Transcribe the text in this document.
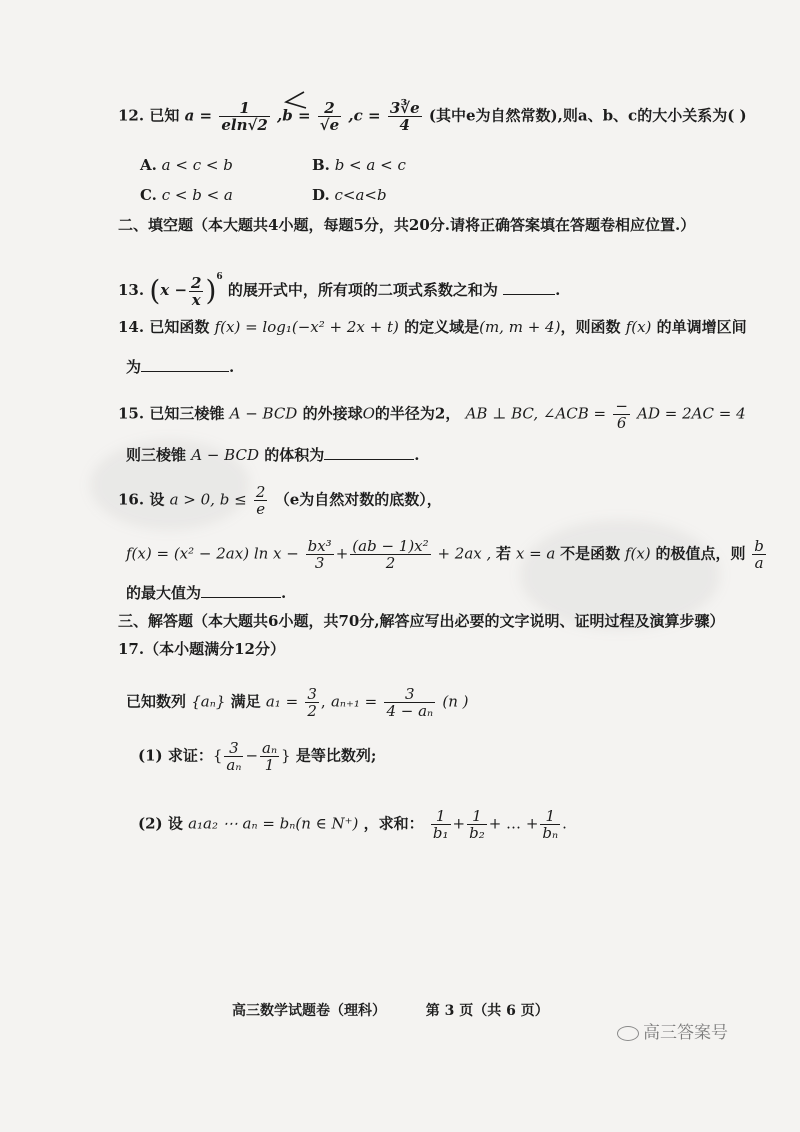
12. 已知 $a = \frac{1}{eln√2} ,b = \frac{2}{√e} ,c = \frac{3∛e}{4}$ (其中e为自然常数),则a、b、c的大小关系为( )
A. a < c < b	B. b < a < c
C. c < b < a	D. c<a<b
二、填空题（本大题共4小题，每题5分，共20分.请将正确答案填在答题卷相应位置.）
13. $(x - \frac{2}{x} )^6$ 的展开式中，所有项的二项式系数之和为	.
14. 已知函数 f(x) = log₁(−x² + 2x + t) 的定义域是(m, m + 4)，则函数 f(x) 的单调增区间
为	.
15. 已知三棱锥 A − BCD 的外接球O的半径为2， AB ⊥ BC, ∠ACB = $\frac{-}{6}$ AD = 2AC = 4
则三棱锥 A − BCD 的体积为	.
16. 设 a > 0, $b \le \frac{2}{e} (e$为自然对数的底数），
f(x) = (x² − 2ax) $\ln x - \frac{\text{bx³}}{3} + \frac{\text{(ab − 1)x²}}{2} + 2ax$ , 若 x = a 不是函数 f(x) 的极值点，则 $\frac{b}{a}$
的最大值为	.
三、解答题（本大题共6小题，共70分,解答应写出必要的文字说明、证明过程及演算步骤）
17.（本小题满分12分）
已知数列 {aₙ} 满足 $a_1 = \frac{3}{2}$ , $a_{n+1} = \frac{3}{\text{4 − aₙ}} (n$ )
(1) 求证：{ $\frac{3}{\text{aₙ}} - \frac{\text{aₙ}}{1}$ } 是等比数列;
(2) 设 a₁a₂ ⋯ aₙ = bₙ(n ∈ N⁺) ，求和： $\frac{1}{\text{b₁}} + \frac{1}{\text{b₂}}$ + … + $\frac{1}{\text{bₙ}}$ .
高三数学试题卷（理科）	第 3 页（共 6 页）
高三答案号
